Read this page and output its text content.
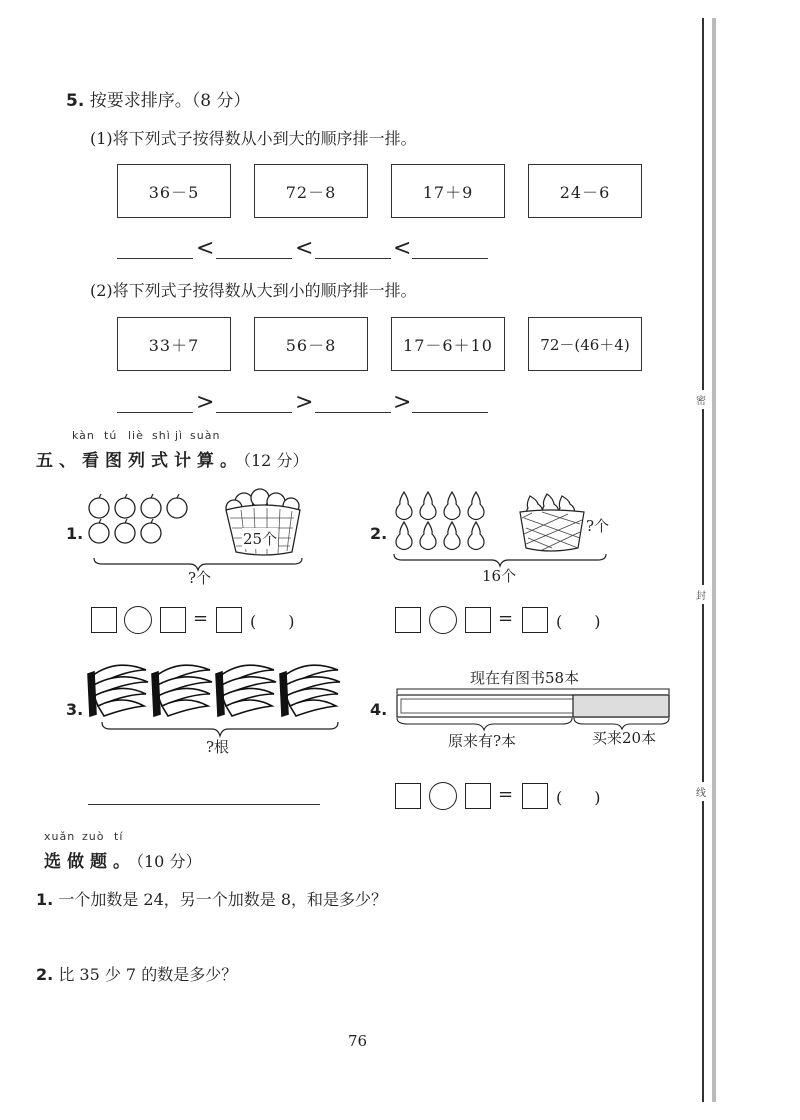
密
封
线
5. 按要求排序。（8 分）
(1)将下列式子按得数从小到大的顺序排一排。
36－5	72－8	17＋9	24－6
<	<	<
(2)将下列式子按得数从大到小的顺序排一排。
33＋7	56－8	17－6＋10	72－(46＋4)
>	>	>
kàn tú liè shì jì suàn
五、看图列式计算。（12 分）
1.	25个
?个
=	(　　)
2.	?个
16个
=	(　　)
3.
?根
4.
现在有图书58本
原来有?本	买来20本
=	(　　)
xuǎn zuò tí
选做题。（10 分）
1. 一个加数是 24，另一个加数是 8，和是多少？
2. 比 35 少 7 的数是多少？
76
